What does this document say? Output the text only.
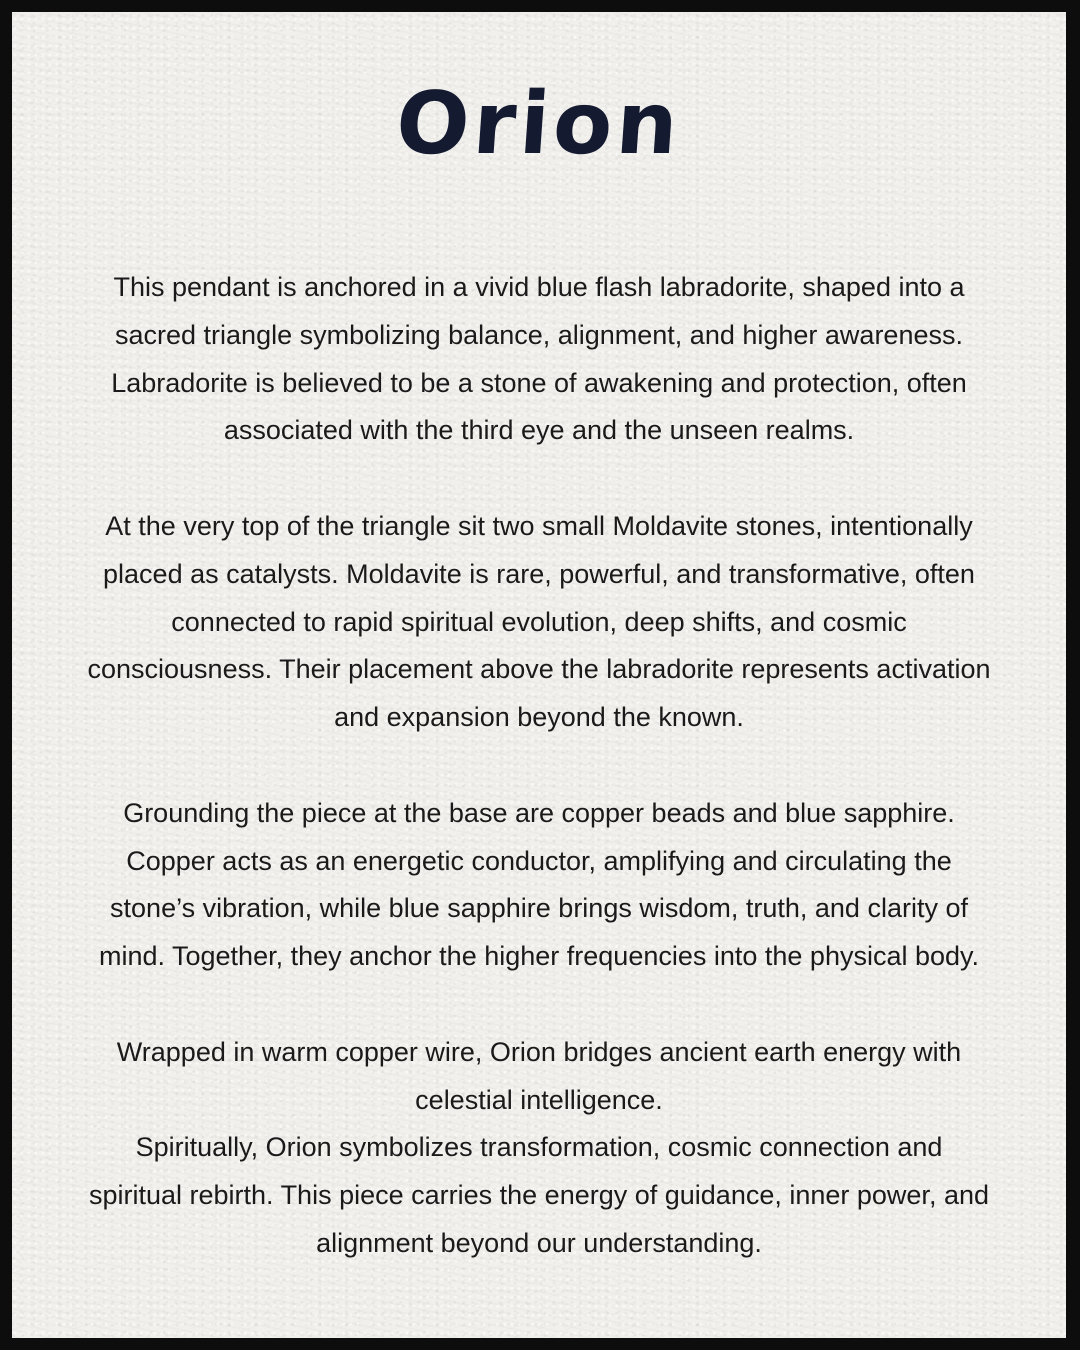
Orion

This pendant is anchored in a vivid blue flash labradorite, shaped into a
sacred triangle symbolizing balance, alignment, and higher awareness.
Labradorite is believed to be a stone of awakening and protection, often
associated with the third eye and the unseen realms.

At the very top of the triangle sit two small Moldavite stones, intentionally
placed as catalysts. Moldavite is rare, powerful, and transformative, often
connected to rapid spiritual evolution, deep shifts, and cosmic
consciousness. Their placement above the labradorite represents activation
and expansion beyond the known.

Grounding the piece at the base are copper beads and blue sapphire.
Copper acts as an energetic conductor, amplifying and circulating the
stone’s vibration, while blue sapphire brings wisdom, truth, and clarity of
mind. Together, they anchor the higher frequencies into the physical body.

Wrapped in warm copper wire, Orion bridges ancient earth energy with
celestial intelligence.
Spiritually, Orion symbolizes transformation, cosmic connection and
spiritual rebirth. This piece carries the energy of guidance, inner power, and
alignment beyond our understanding.
